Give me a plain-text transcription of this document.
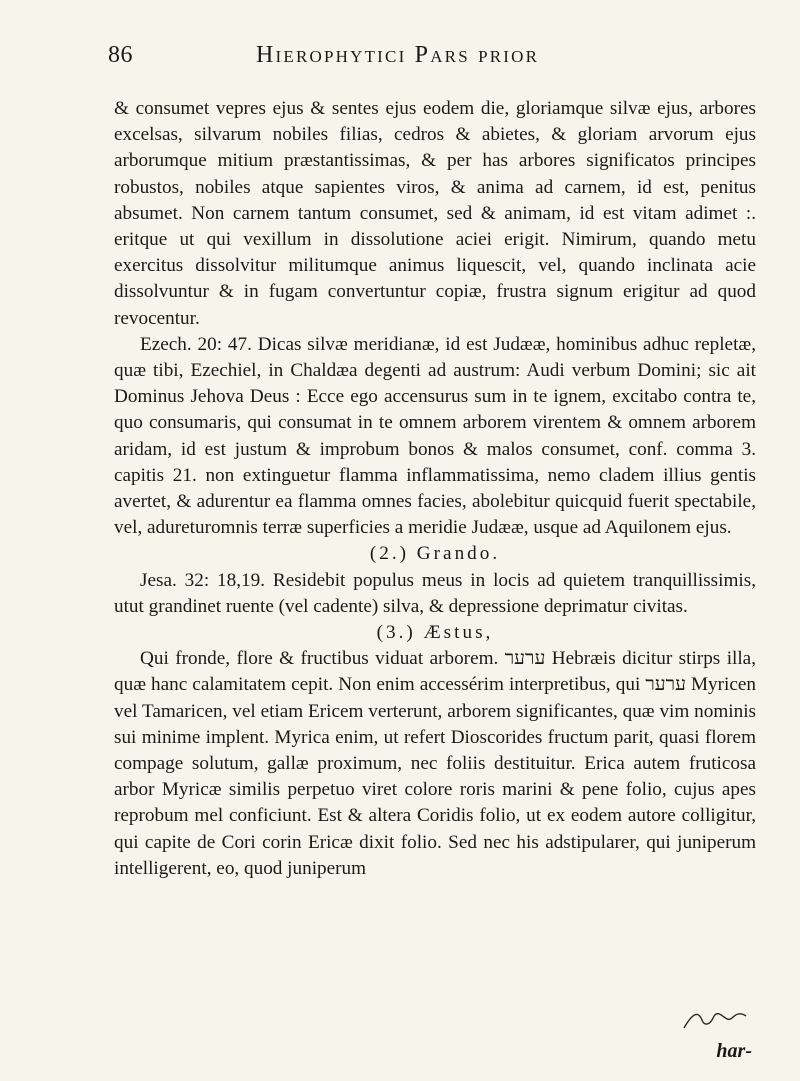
86	Hierophytici Pars prior

& consumet vepres ejus & sentes ejus eodem die, gloriamque silvæ ejus, arbores excelsas, silvarum nobiles filias, cedros & abietes, & gloriam arvorum ejus arborumque mitium præstantissimas, & per has arbores significatos principes robustos, nobiles atque sapientes viros, & anima ad carnem, id est, penitus absumet. Non carnem tantum consumet, sed & animam, id est vitam adimet :. eritque ut qui vexillum in dissolutione aciei erigit. Nimirum, quando metu exercitus dissolvitur militumque animus liquescit, vel, quando inclinata acie dissolvuntur & in fugam convertuntur copiæ, frustra signum erigitur ad quod revocentur.

Ezech. 20: 47. Dicas silvæ meridianæ, id est Judææ, hominibus adhuc repletæ, quæ tibi, Ezechiel, in Chaldæa degenti ad austrum: Audi verbum Domini; sic ait Dominus Jehova Deus : Ecce ego accensurus sum in te ignem, excitabo contra te, quo consumaris, qui consumat in te omnem arborem virentem & omnem arborem aridam, id est justum & improbum bonos & malos consumet, conf. comma 3. capitis 21. non extinguetur flamma inflammatissima, nemo cladem illius gentis avertet, & adurentur ea flamma omnes facies, abolebitur quicquid fuerit spectabile, vel, adureturomnis terræ superficies a meridie Judææ, usque ad Aquilonem ejus.

(2.) Grando.

Jesa. 32: 18,19. Residebit populus meus in locis ad quietem tranquillissimis, utut grandinet ruente (vel cadente) silva, & depressione deprimatur civitas.

(3.) Æstus,

Qui fronde, flore & fructibus viduat arborem. ערער Hebræis dicitur stirps illa, quæ hanc calamitatem cepit. Non enim accessérim interpretibus, qui ערער Myricen vel Tamaricen, vel etiam Ericem verterunt, arborem significantes, quæ vim nominis sui minime implent. Myrica enim, ut refert Dioscorides fructum parit, quasi florem compage solutum, gallæ proximum, nec foliis destituitur. Erica autem fruticosa arbor Myricæ similis perpetuo viret colore roris marini & pene folio, cujus apes reprobum mel conficiunt. Est & altera Coridis folio, ut ex eodem autore colligitur, qui capite de Cori corin Ericæ dixit folio. Sed nec his adstipularer, qui juniperum intelligerent, eo, quod juniperum

har-
